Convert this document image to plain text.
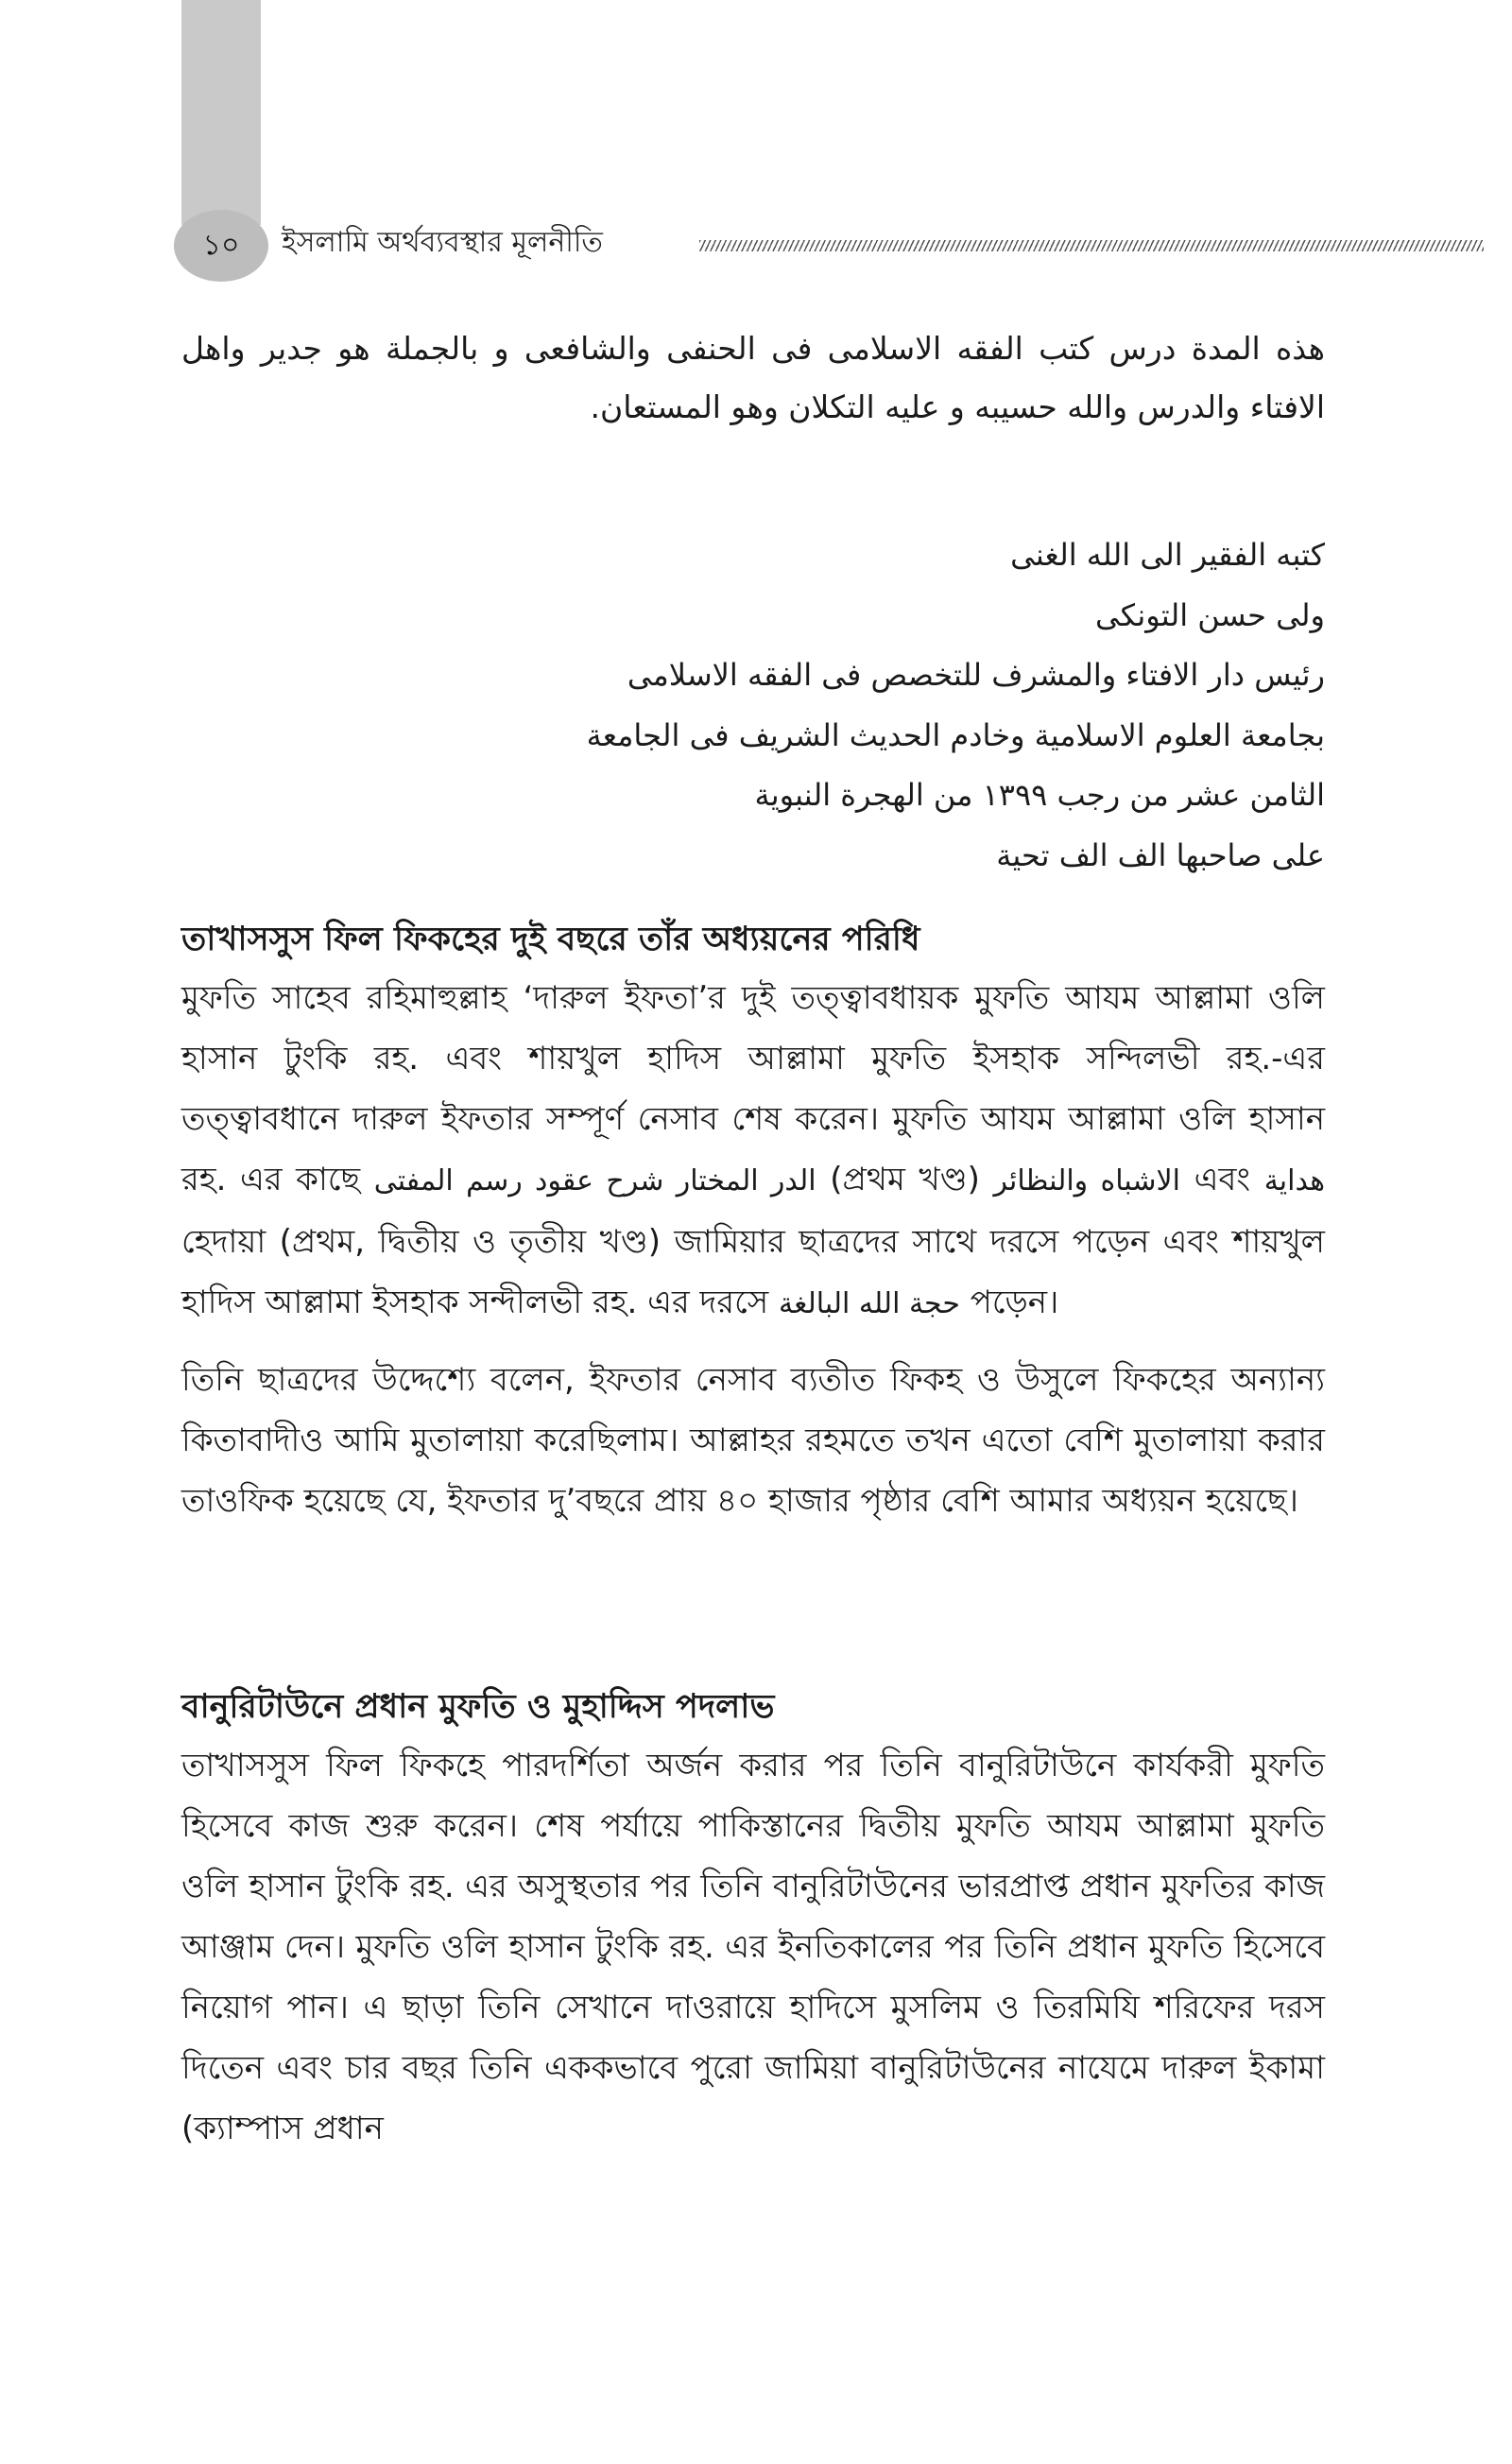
১০	ইসলামি অর্থব্যবস্থার মূলনীতি
هذه المدة درس كتب الفقه الاسلامى فى الحنفى والشافعى و بالجملة هو جدير واهل الافتاء والدرس والله حسيبه و عليه التكلان وهو المستعان.
كتبه الفقير الى الله الغنى
ولى حسن التونكى
رئيس دار الافتاء والمشرف للتخصص فى الفقه الاسلامى
بجامعة العلوم الاسلامية وخادم الحديث الشريف فى الجامعة
الثامن عشر من رجب ١٣٩٩ من الهجرة النبوية
على صاحبها الف الف تحية
তাখাসসুস ফিল ফিকহের দুই বছরে তাঁর অধ্যয়নের পরিধি

মুফতি সাহেব রহিমাহুল্লাহ ‘দারুল ইফতা’র দুই তত্ত্বাবধায়ক মুফতি আযম আল্লামা ওলি হাসান টুংকি রহ. এবং শায়খুল হাদিস আল্লামা মুফতি ইসহাক সন্দিলভী রহ.-এর তত্ত্বাবধানে দারুল ইফতার সম্পূর্ণ নেসাব শেষ করেন। মুফতি আযম আল্লামা ওলি হাসান রহ. এর কাছে الدر المختار شرح عقود رسم المفتى (প্রথম খণ্ড) الاشباه والنظائر এবং هداية হেদায়া (প্রথম, দ্বিতীয় ও তৃতীয় খণ্ড) জামিয়ার ছাত্রদের সাথে দরসে পড়েন এবং শায়খুল হাদিস আল্লামা ইসহাক সন্দীলভী রহ. এর দরসে حجة الله البالغة পড়েন।

তিনি ছাত্রদের উদ্দেশ্যে বলেন, ইফতার নেসাব ব্যতীত ফিকহ ও উসুলে ফিকহের অন্যান্য কিতাবাদীও আমি মুতালায়া করেছিলাম। আল্লাহর রহমতে তখন এতো বেশি মুতালায়া করার তাওফিক হয়েছে যে, ইফতার দু’বছরে প্রায় ৪০ হাজার পৃষ্ঠার বেশি আমার অধ্যয়ন হয়েছে।

বানুরিটাউনে প্রধান মুফতি ও মুহাদ্দিস পদলাভ

তাখাসসুস ফিল ফিকহে পারদর্শিতা অর্জন করার পর তিনি বানুরিটাউনে কার্যকরী মুফতি হিসেবে কাজ শুরু করেন। শেষ পর্যায়ে পাকিস্তানের দ্বিতীয় মুফতি আযম আল্লামা মুফতি ওলি হাসান টুংকি রহ. এর অসুস্থতার পর তিনি বানুরিটাউনের ভারপ্রাপ্ত প্রধান মুফতির কাজ আঞ্জাম দেন। মুফতি ওলি হাসান টুংকি রহ. এর ইনতিকালের পর তিনি প্রধান মুফতি হিসেবে নিয়োগ পান। এ ছাড়া তিনি সেখানে দাওরায়ে হাদিসে মুসলিম ও তিরমিযি শরিফের দরস দিতেন এবং চার বছর তিনি এককভাবে পুরো জামিয়া বানুরিটাউনের নাযেমে দারুল ইকামা (ক্যাম্পাস প্রধান
